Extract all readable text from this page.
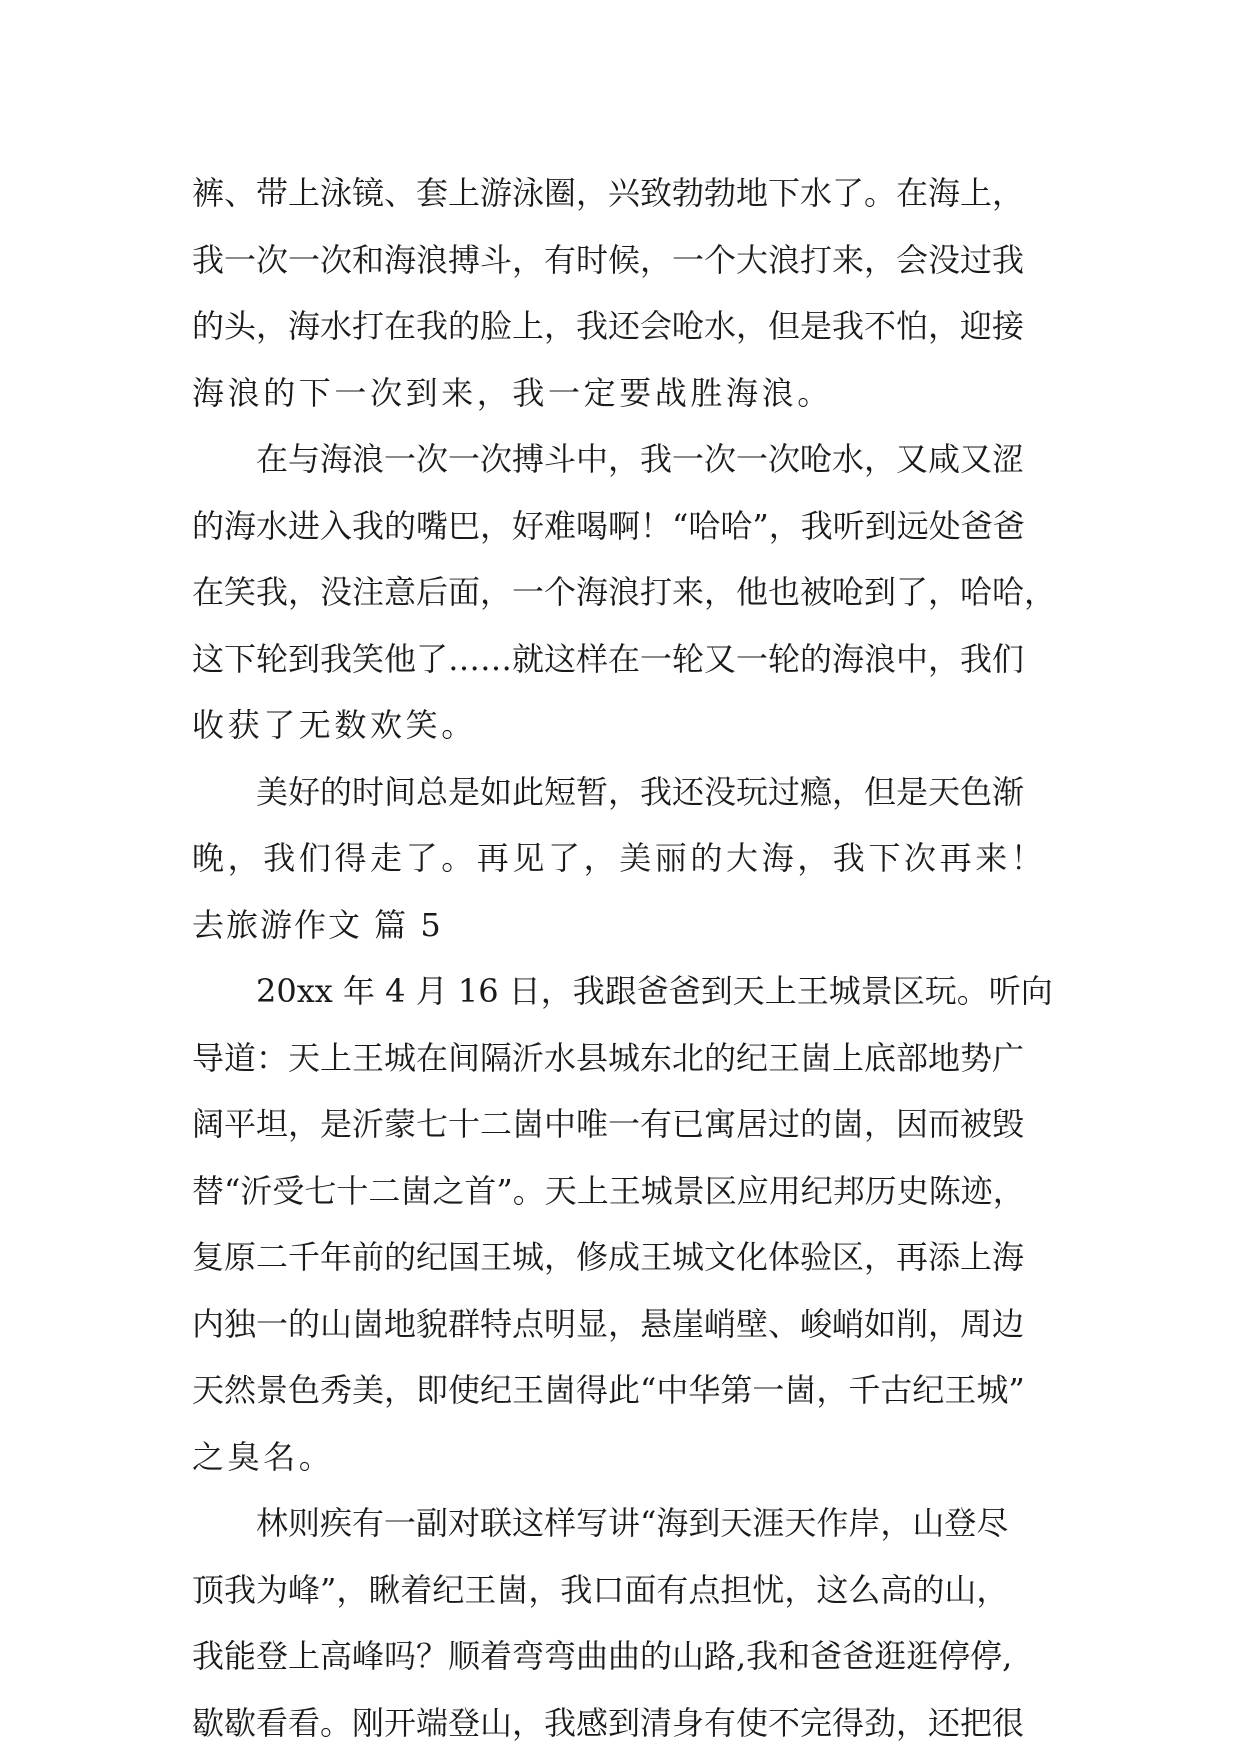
裤、带上泳镜、套上游泳圈，兴致勃勃地下水了。在海上，
我一次一次和海浪搏斗，有时候，一个大浪打来，会没过我
的头，海水打在我的脸上，我还会呛水，但是我不怕，迎接
海浪的下一次到来，我一定要战胜海浪。
在与海浪一次一次搏斗中，我一次一次呛水，又咸又涩
的海水进入我的嘴巴，好难喝啊！“哈哈”，我听到远处爸爸
在笑我，没注意后面，一个海浪打来，他也被呛到了，哈哈，
这下轮到我笑他了……就这样在一轮又一轮的海浪中，我们
收获了无数欢笑。
美好的时间总是如此短暂，我还没玩过瘾，但是天色渐
晚，我们得走了。再见了，美丽的大海，我下次再来！
去旅游作文 篇 5
20xx 年 4 月 16 日，我跟爸爸到天上王城景区玩。听向
导道：天上王城在间隔沂水县城东北的纪王崮上底部地势广
阔平坦，是沂蒙七十二崮中唯一有已寓居过的崮，因而被毁
替“沂受七十二崮之首”。天上王城景区应用纪邦历史陈迹，
复原二千年前的纪国王城，修成王城文化体验区，再添上海
内独一的山崮地貌群特点明显，悬崖峭壁、峻峭如削，周边
天然景色秀美，即使纪王崮得此“中华第一崮，千古纪王城”
之臭名。
林则疾有一副对联这样写讲“海到天涯天作岸，山登尽
顶我为峰”，瞅着纪王崮，我口面有点担忧，这么高的山，
我能登上高峰吗？顺着弯弯曲曲的山路,我和爸爸逛逛停停,
歇歇看看。刚开端登山，我感到清身有使不完得劲，还把很
